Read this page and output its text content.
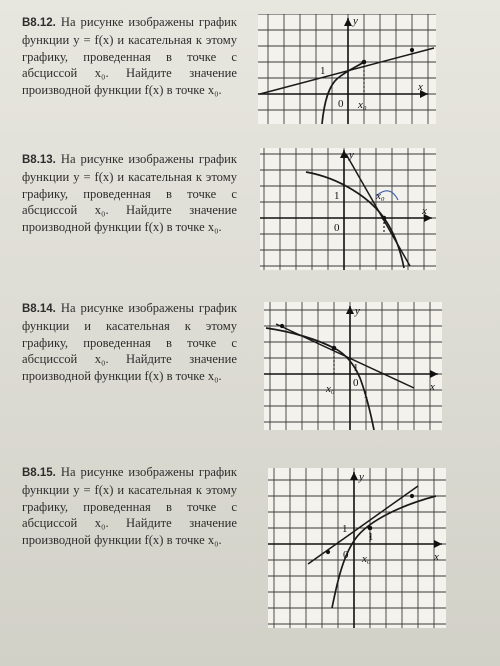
B8.12. На рисунке изображены график функции y = f(x) и касательная к этому графику, проведенная в точке с абсциссой x₀. Найдите значение производной функции f(x) в точке x₀.
y
x
0
1
x₀
B8.13. На рисунке изображены график функции y = f(x) и касательная к этому графику, проведенная в точке с абсциссой x₀. Найдите значение производной функции f(x) в точке x₀.
y
x
0
1	x₀
B8.14. На рисунке изображены график функции и касательная к этому графику, проведенная в точке с абсциссой x₀. Найдите значение производной функции f(x) в точке x₀.
y
x
0
1
1
x₀
B8.15. На рисунке изображены график функции y = f(x) и касательная к этому графику, проведенная в точке с абсциссой x₀. Найдите значение производной функции f(x) в точке x₀.
y
x
0
1
1
x₀
